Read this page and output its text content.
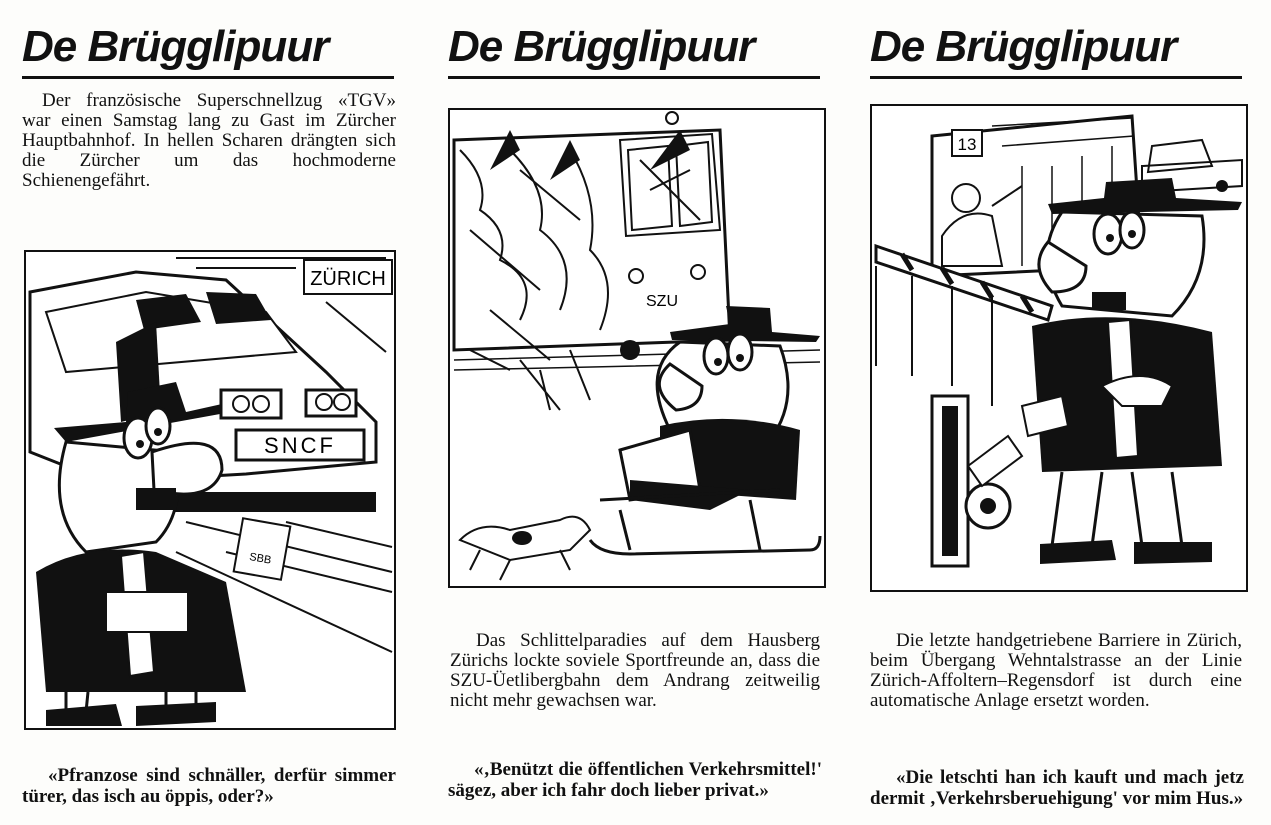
De Brügglipuur

Der französische Superschnellzug «TGV» war einen Samstag lang zu Gast im Zürcher Hauptbahnhof. In hellen Scharen drängten sich die Zürcher um das hochmoderne Schienengefährt.

ZÜRICH
SNCF
SBB

«Pfranzose sind schnäller, derfür simmer türer, das isch au öppis, oder?»

De Brügglipuur
SZU

Das Schlittelparadies auf dem Hausberg Zürichs lockte soviele Sportfreunde an, dass die SZU-Üetlibergbahn dem Andrang zeitweilig nicht mehr gewachsen war.

«‚Benützt die öffentlichen Verkehrsmittel!' sägez, aber ich fahr doch lieber privat.»

De Brügglipuur
13

Die letzte handgetriebene Barriere in Zürich, beim Übergang Wehntalstrasse an der Linie Zürich-Affoltern–Regensdorf ist durch eine automatische Anlage ersetzt worden.

«Die letschti han ich kauft und mach jetz dermit ‚Verkehrsberuehigung' vor mim Hus.»
